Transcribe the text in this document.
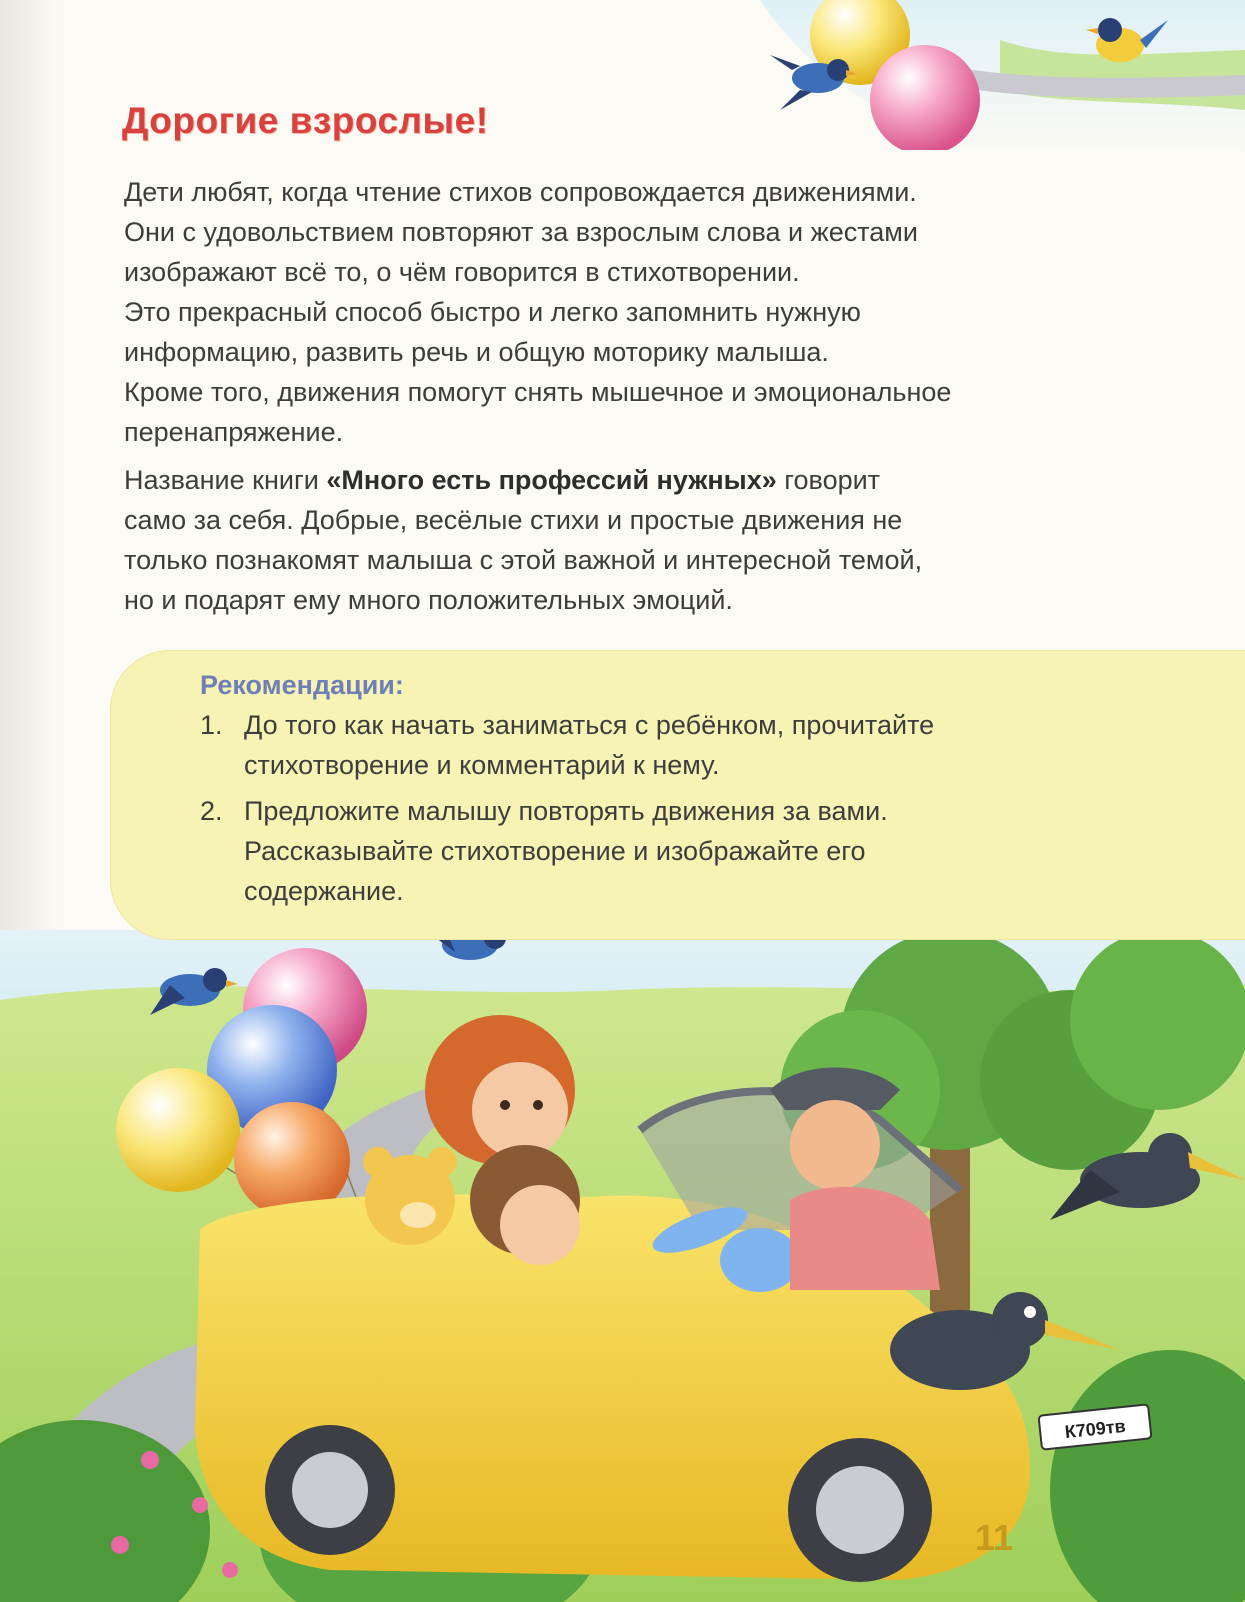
Дорогие взрослые!

Дети любят, когда чтение стихов сопровождается движениями.
Они с удовольствием повторяют за взрослым слова и жестами
изображают всё то, о чём говорится в стихотворении.
Это прекрасный способ быстро и легко запомнить нужную
информацию, развить речь и общую моторику малыша.
Кроме того, движения помогут снять мышечное и эмоциональное
перенапряжение.

Название книги «Много есть профессий нужных» говорит
само за себя. Добрые, весёлые стихи и простые движения не
только познакомят малыша с этой важной и интересной темой,
но и подарят ему много положительных эмоций.

К709тв
11
Рекомендации:
1. До того как начать заниматься с ребёнком, прочитайте
стихотворение и комментарий к нему.
2. Предложите малышу повторять движения за вами.
Рассказывайте стихотворение и изображайте его
содержание.
